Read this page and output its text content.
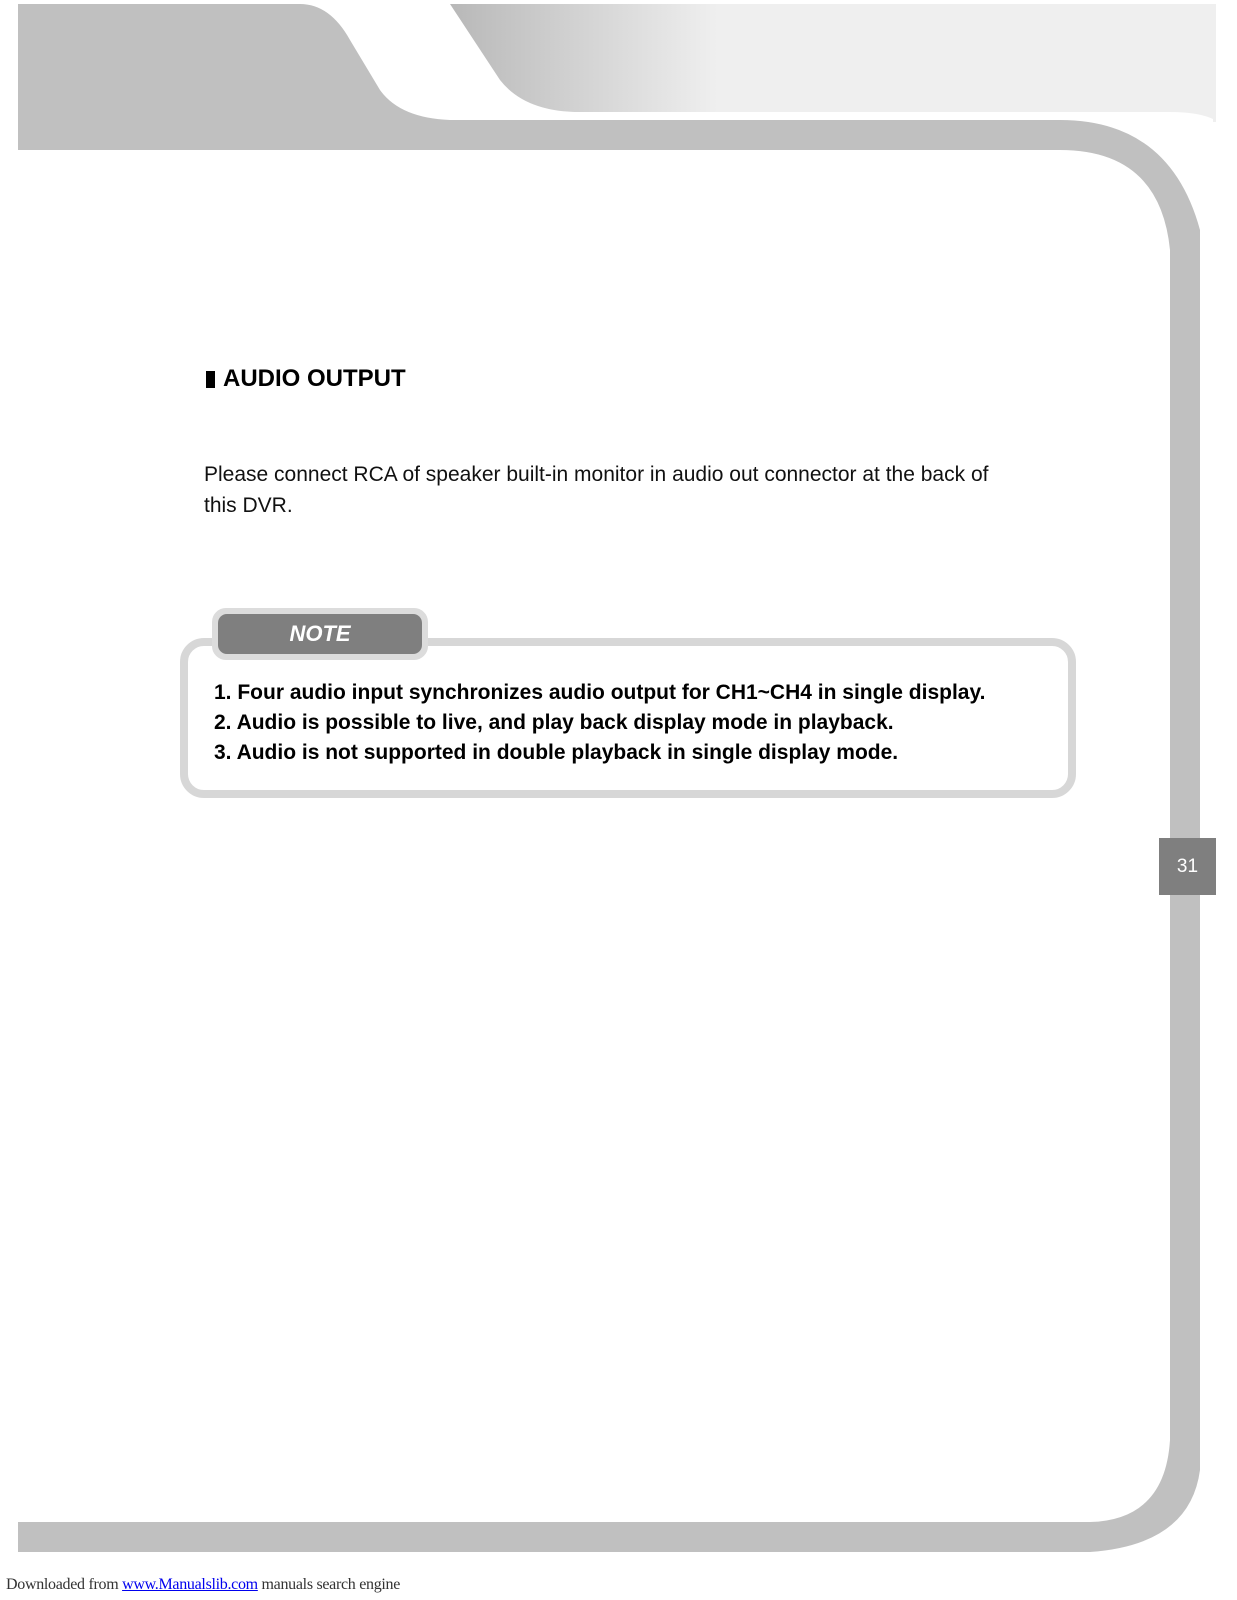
AUDIO OUTPUT
Please connect RCA of speaker built-in monitor in audio out connector at the back of this DVR.
NOTE
1. Four audio input synchronizes audio output for CH1~CH4 in single display.
2. Audio is possible to live, and play back display mode in playback.
3. Audio is not supported in double playback in single display mode.
31
Downloaded from www.Manualslib.com manuals search engine
